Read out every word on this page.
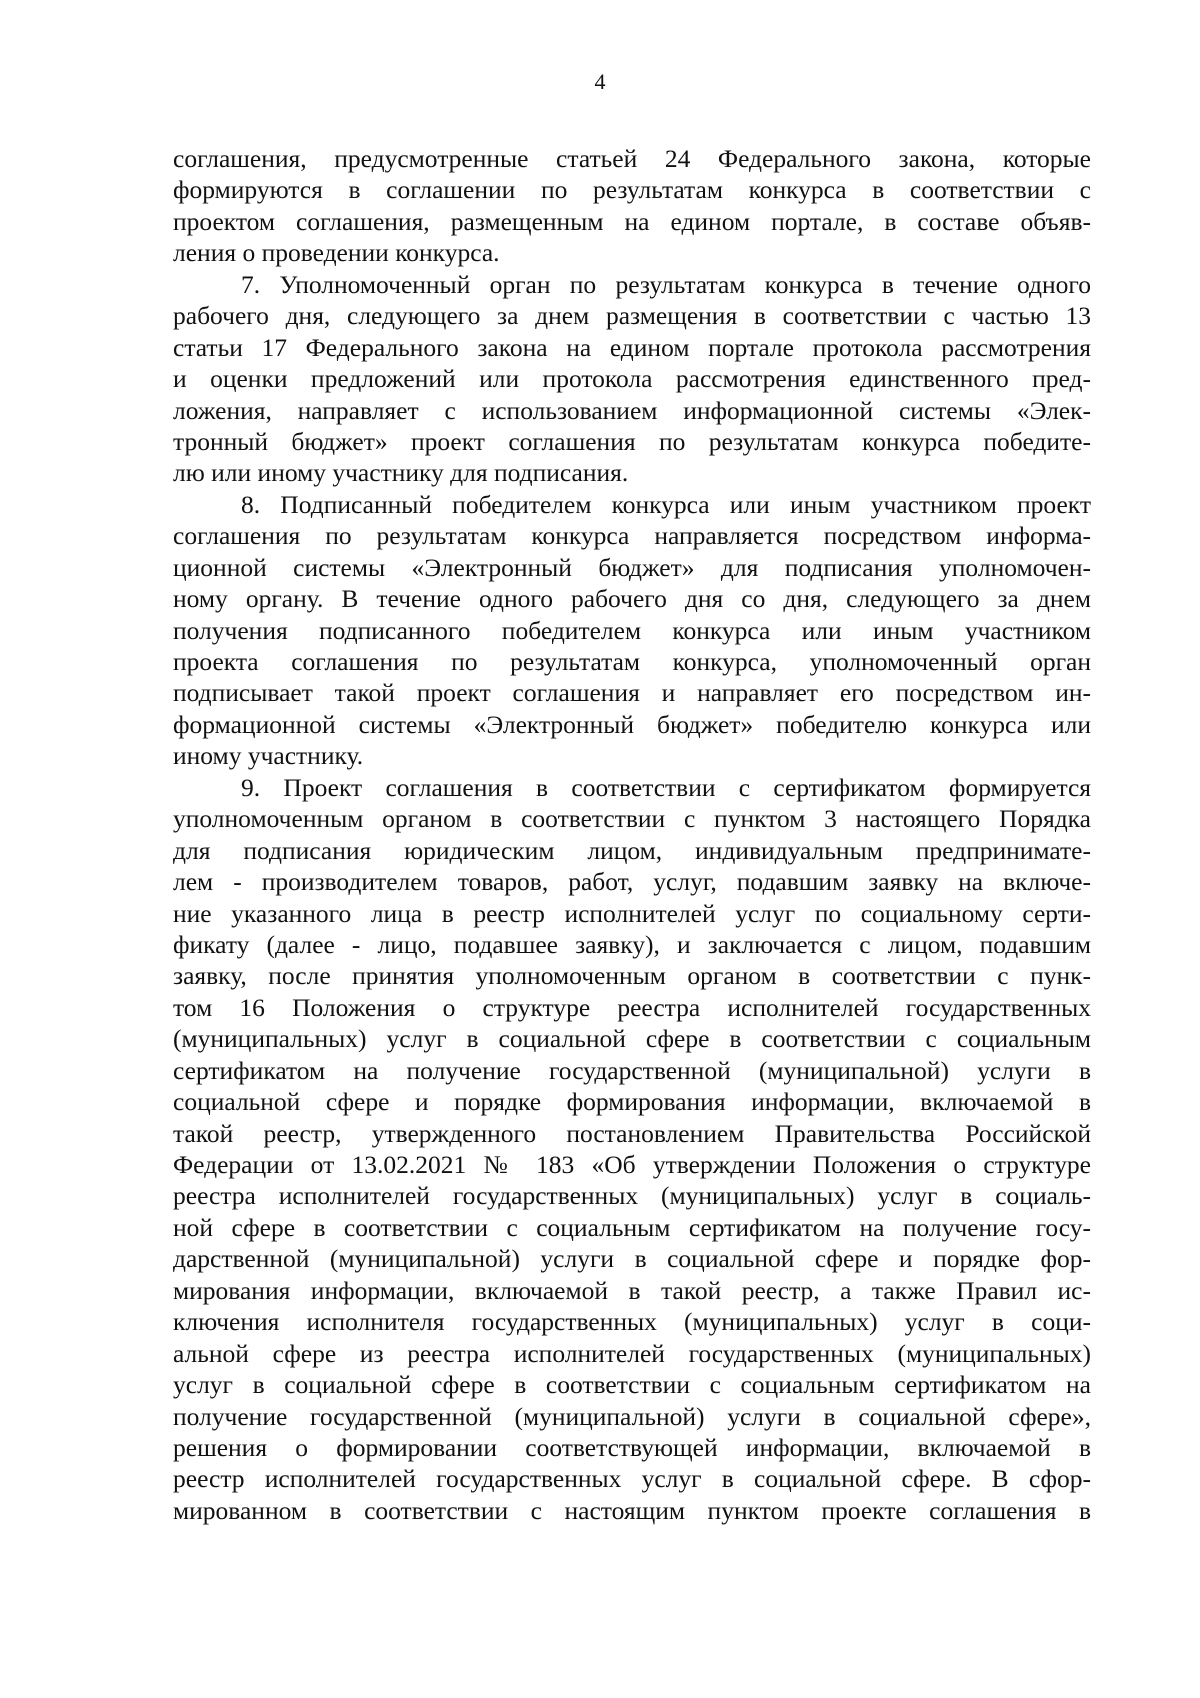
4
соглашения, предусмотренные статьей 24 Федерального закона, которые
формируются в соглашении по результатам конкурса в соответствии с
проектом соглашения, размещенным на едином портале, в составе объяв-
ления о проведении конкурса.
7. Уполномоченный орган по результатам конкурса в течение одного
рабочего дня, следующего за днем размещения в соответствии с частью 13
статьи 17 Федерального закона на едином портале протокола рассмотрения
и оценки предложений или протокола рассмотрения единственного пред-
ложения, направляет с использованием информационной системы «Элек-
тронный бюджет» проект соглашения по результатам конкурса победите-
лю или иному участнику для подписания.
8. Подписанный победителем конкурса или иным участником проект
соглашения по результатам конкурса направляется посредством информа-
ционной системы «Электронный бюджет» для подписания уполномочен-
ному органу. В течение одного рабочего дня со дня, следующего за днем
получения подписанного победителем конкурса или иным участником
проекта соглашения по результатам конкурса, уполномоченный орган
подписывает такой проект соглашения и направляет его посредством ин-
формационной системы «Электронный бюджет» победителю конкурса или
иному участнику.
9. Проект соглашения в соответствии с сертификатом формируется
уполномоченным органом в соответствии с пунктом 3 настоящего Порядка
для подписания юридическим лицом, индивидуальным предпринимате-
лем - производителем товаров, работ, услуг, подавшим заявку на включе-
ние указанного лица в реестр исполнителей услуг по социальному серти-
фикату (далее - лицо, подавшее заявку), и заключается с лицом, подавшим
заявку, после принятия уполномоченным органом в соответствии с пунк-
том 16 Положения о структуре реестра исполнителей государственных
(муниципальных) услуг в социальной сфере в соответствии с социальным
сертификатом на получение государственной (муниципальной) услуги в
социальной сфере и порядке формирования информации, включаемой в
такой реестр, утвержденного постановлением Правительства Российской
Федерации от 13.02.2021 № 183 «Об утверждении Положения о структуре
реестра исполнителей государственных (муниципальных) услуг в социаль-
ной сфере в соответствии с социальным сертификатом на получение госу-
дарственной (муниципальной) услуги в социальной сфере и порядке фор-
мирования информации, включаемой в такой реестр, а также Правил ис-
ключения исполнителя государственных (муниципальных) услуг в соци-
альной сфере из реестра исполнителей государственных (муниципальных)
услуг в социальной сфере в соответствии с социальным сертификатом на
получение государственной (муниципальной) услуги в социальной сфере»,
решения о формировании соответствующей информации, включаемой в
реестр исполнителей государственных услуг в социальной сфере. В сфор-
мированном в соответствии с настоящим пунктом проекте соглашения в
